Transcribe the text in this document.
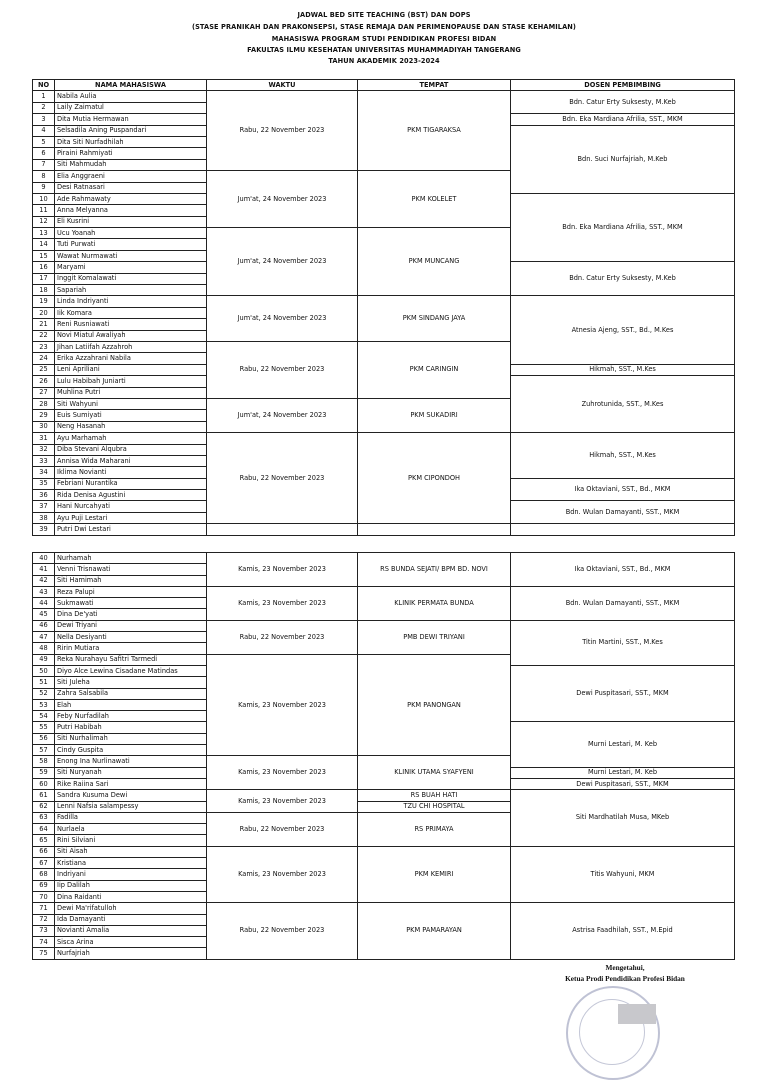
JADWAL BED SITE TEACHING (BST) DAN DOPS
(STASE PRANIKAH DAN PRAKONSEPSI, STASE REMAJA DAN PERIMENOPAUSE DAN STASE KEHAMILAN)
MAHASISWA PROGRAM STUDI PENDIDIKAN PROFESI BIDAN
FAKULTAS ILMU KESEHATAN UNIVERSITAS MUHAMMADIYAH TANGERANG
TAHUN AKADEMIK 2023-2024
NO	NAMA MAHASISWA	WAKTU	TEMPAT	DOSEN PEMBIMBING
1	Nabila Aulia	Rabu, 22 November 2023	PKM TIGARAKSA	Bdn. Catur Erty Suksesty, M.Keb
2	Laily Zaimatul			
3	Dita Mutia Hermawan			Bdn. Eka Mardiana Afrilia, SST., MKM
4	Selsadila Aning Puspandari			Bdn. Suci Nurfajriah, M.Keb
5	Dita Siti Nurfadhilah			
6	Piraini Rahmiyati			
7	Siti Mahmudah			
8	Elia Anggraeni	Jum'at, 24 November 2023	PKM KOLELET	
9	Desi Ratnasari			
10	Ade Rahmawaty			Bdn. Eka Mardiana Afrilia, SST., MKM
11	Anna Melyanna			
12	Eli Kusrini			
13	Ucu Yoanah	Jum'at, 24 November 2023	PKM MUNCANG	
14	Tuti Purwati			
15	Wawat Nurmawati			
16	Maryami			Bdn. Catur Erty Suksesty, M.Keb
17	Inggit Komalawati			
18	Sapariah			
19	Linda Indriyanti	Jum'at, 24 November 2023	PKM SINDANG JAYA	Atnesia Ajeng, SST., Bd., M.Kes
20	Iik Komara			
21	Reni Rusniawati			
22	Novi Miatul Awaliyah			
23	Jihan Latiifah Azzahroh	Rabu, 22 November 2023	PKM CARINGIN	
24	Erika Azzahrani Nabila			
25	Leni Apriliani			Hikmah, SST., M.Kes
26	Lulu Habibah Juniarti			Zuhrotunida, SST., M.Kes
27	Muhlina Putri			
28	Siti Wahyuni	Jum'at, 24 November 2023	PKM SUKADIRI	
29	Euis Sumiyati			
30	Neng Hasanah			
31	Ayu Marhamah	Rabu, 22 November 2023	PKM CIPONDOH	Hikmah, SST., M.Kes
32	Diba Stevani Alqubra			
33	Annisa Wida Maharani			
34	Iklima Novianti			
35	Febriani Nurantika			Ika Oktaviani, SST., Bd., MKM
36	Rida Denisa Agustini			
37	Hani Nurcahyati			Bdn. Wulan Damayanti, SST., MKM
38	Ayu Puji Lestari			
39	Putri Dwi Lestari			
40	Nurhamah	Kamis, 23 November 2023	RS BUNDA SEJATI/ BPM BD. NOVI	Ika Oktaviani, SST., Bd., MKM
41	Venni Trisnawati			
42	Siti Hamimah			
43	Reza Palupi	Kamis, 23 November 2023	KLINIK PERMATA BUNDA	Bdn. Wulan Damayanti, SST., MKM
44	Sukmawati			
45	Dina De'yati			
46	Dewi Triyani	Rabu, 22 November 2023	PMB DEWI TRIYANI	Titin Martini, SST., M.Kes
47	Nella Desiyanti			
48	Ririn Mutiara			
49	Reka Nurahayu Safitri Tarmedi	Kamis, 23 November 2023	PKM PANONGAN	
50	Diyo Alce Lewina Cisadane Matindas			Dewi Puspitasari, SST., MKM
51	Siti Juleha			
52	Zahra Salsabila			
53	Elah			
54	Feby Nurfadilah			
55	Putri Habibah			Murni Lestari, M. Keb
56	Siti Nurhalimah			
57	Cindy Guspita			
58	Enong Ina Nurlinawati	Kamis, 23 November 2023	KLINIK UTAMA SYAFYENI	
59	Siti Nuryanah			Murni Lestari, M. Keb
60	Rike Raiina Sari			Dewi Puspitasari, SST., MKM
61	Sandra Kusuma Dewi	Kamis, 23 November 2023	RS BUAH HATI	Siti Mardhatilah Musa, MKeb
62	Lenni Nafsia salampessy		TZU CHI HOSPITAL	
63	Fadilla	Rabu, 22 November 2023	RS PRIMAYA	
64	Nurlaela			
65	Rini Silviani			
66	Siti Aisah	Kamis, 23 November 2023	PKM KEMIRI	Titis Wahyuni, MKM
67	Kristiana			
68	Indriyani			
69	Iip Dalilah			
70	Dina Raidanti			
71	Dewi Ma'rifatulloh	Rabu, 22 November 2023	PKM PAMARAYAN	Astrisa Faadhilah, SST., M.Epid
72	Ida Damayanti			
73	Novianti Amalia			
74	Sisca Arina			
75	Nurfajriah			
Mengetahui,
Ketua Prodi Pendidikan Profesi Bidan
